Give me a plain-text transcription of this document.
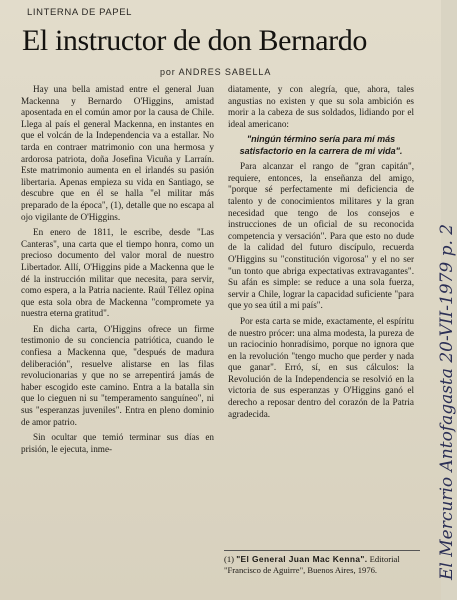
LINTERNA DE PAPEL
El instructor de don Bernardo
por ANDRES SABELLA

Hay una bella amistad entre el general Juan Mackenna y Bernardo O'Higgins, amistad aposentada en el común amor por la causa de Chile. Llega al país el general Mackenna, en instantes en que el volcán de la Independencia va a estallar. No tarda en contraer matrimonio con una hermosa y ardorosa patriota, doña Josefina Vicuña y Larraín. Este matrimonio aumenta en el irlandés su pasión libertaria. Apenas empieza su vida en Santiago, se descubre que en él se halla "el militar más preparado de la época", (1), detalle que no escapa al ojo vigilante de O'Higgins.

En enero de 1811, le escribe, desde "Las Canteras", una carta que el tiempo honra, como un precioso documento del valor moral de nuestro Libertador. Allí, O'Higgins pide a Mackenna que le dé la instrucción militar que necesita, para servir, como espera, a la Patria naciente. Raúl Téllez opina que esta sola obra de Mackenna "compromete ya nuestra eterna gratitud".

En dicha carta, O'Higgins ofrece un firme testimonio de su conciencia patriótica, cuando le confiesa a Mackenna que, "después de madura deliberación", resuelve alistarse en las filas revolucionarias y que no se arrepentirá jamás de haber escogido este camino. Entra a la batalla sin que lo cieguen ni su "temperamento sanguíneo", ni sus "esperanzas juveniles". Entra en pleno dominio de amor patrio.

Sin ocultar que temió terminar sus días en prisión, le ejecuta, inme-

diatamente, y con alegría, que, ahora, tales angustias no existen y que su sola ambición es morir a la cabeza de sus soldados, lidiando por el ideal americano:

"ningún término sería para mí más satisfactorio en la carrera de mi vida".

Para alcanzar el rango de "gran capitán", requiere, entonces, la enseñanza del amigo, "porque sé perfectamente mi deficiencia de talento y de conocimientos militares y la gran necesidad que tengo de los consejos e instrucciones de un oficial de su reconocida competencia y versación". Para que esto no dude de la calidad del futuro discípulo, recuerda O'Higgins su "constitución vigorosa" y el no ser "un tonto que abriga expectativas extravagantes". Su afán es simple: se reduce a una sola fuerza, servir a Chile, lograr la capacidad suficiente "para que yo sea útil a mi país".

Por esta carta se mide, exactamente, el espíritu de nuestro prócer: una alma modesta, la pureza de un raciocinio honradísimo, porque no ignora que en la revolución "tengo mucho que perder y nada que ganar". Erró, sí, en sus cálculos: la Revolución de la Independencia se resolvió en la victoria de sus esperanzas y O'Higgins ganó el derecho a reposar dentro del corazón de la Patria agradecida.

(1) "El General Juan Mac Kenna". Editorial "Francisco de Aguirre", Buenos Aires, 1976.	El Mercurio Antofagasta 20-VII-1979 p. 2
